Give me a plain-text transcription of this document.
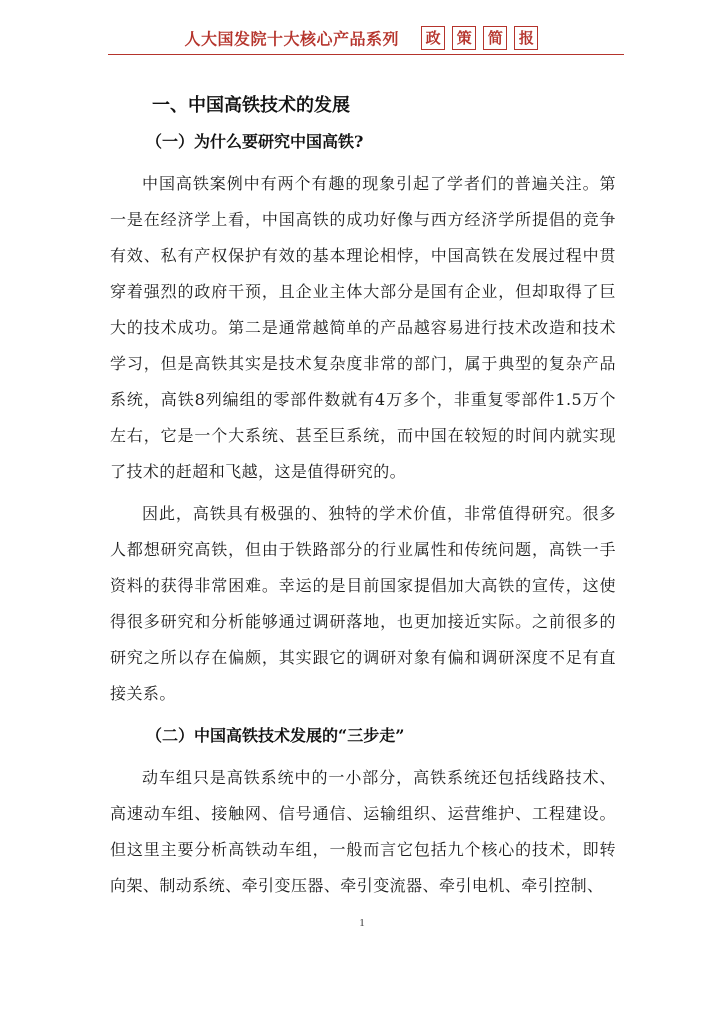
人大国发院十大核心产品系列 政 策 简 报
一、中国高铁技术的发展
（一）为什么要研究中国高铁?

中国高铁案例中有两个有趣的现象引起了学者们的普遍关注。第一是在经济学上看，中国高铁的成功好像与西方经济学所提倡的竞争有效、私有产权保护有效的基本理论相悖，中国高铁在发展过程中贯穿着强烈的政府干预，且企业主体大部分是国有企业，但却取得了巨大的技术成功。第二是通常越简单的产品越容易进行技术改造和技术学习，但是高铁其实是技术复杂度非常的部门，属于典型的复杂产品系统，高铁8列编组的零部件数就有4万多个，非重复零部件1.5万个左右，它是一个大系统、甚至巨系统，而中国在较短的时间内就实现了技术的赶超和飞越，这是值得研究的。

因此，高铁具有极强的、独特的学术价值，非常值得研究。很多人都想研究高铁，但由于铁路部分的行业属性和传统问题，高铁一手资料的获得非常困难。幸运的是目前国家提倡加大高铁的宣传，这使得很多研究和分析能够通过调研落地，也更加接近实际。之前很多的研究之所以存在偏颇，其实跟它的调研对象有偏和调研深度不足有直接关系。

（二）中国高铁技术发展的“三步走”

动车组只是高铁系统中的一小部分，高铁系统还包括线路技术、高速动车组、接触网、信号通信、运输组织、运营维护、工程建设。但这里主要分析高铁动车组，一般而言它包括九个核心的技术，即转向架、制动系统、牵引变压器、牵引变流器、牵引电机、牵引控制、

1
